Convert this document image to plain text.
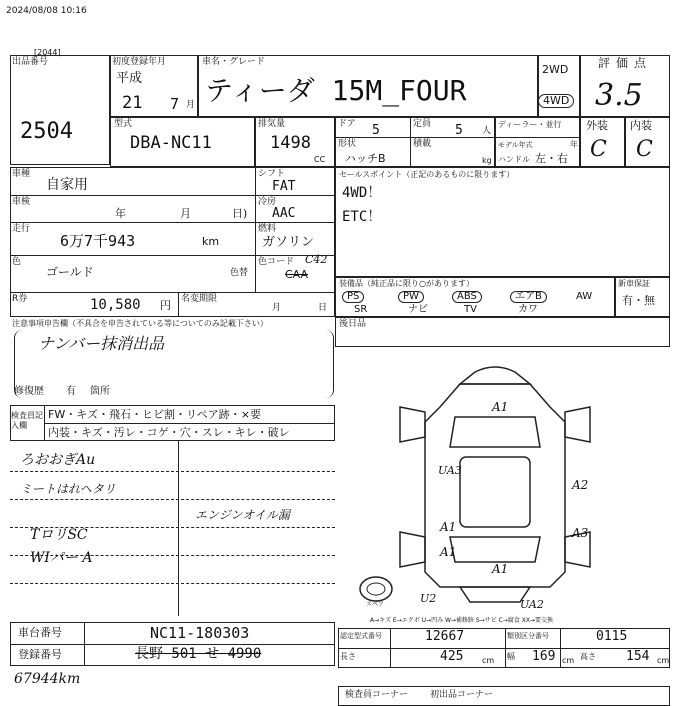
2024/08/08 10:16
出品番号
[2044]
2504
初度登録年月
平成
21 7 月
車名・グレード
ティーダ 15M_FOUR
2WD
4WD
評価点
3.5
型式
DBA-NC11
排気量
1498
CC
ドア 5	定員 5 人
形状
ハッチB
積載
kg
ディーラー・並行
モデル年式	年
ハンドル 左・右
外装
C
内装
C
車種
自家用
車検
年	月	日)
走行
6万7千943	km
色
ゴールド	色替
R券	10,580 円 名変期限
月	日
シフト
FAT
冷房
AAC
燃料
ガソリン
色コード C42
CAA
セールスポイント（正記のあるものに限ります）
4WD！
ETC！
装備品（純正品に限り○があります）
PS	PW	ABS	エアB	AW
SR	ナビ	TV	カワ
新車保証
有・無
後日品
注意事項申告欄（不具合を申告されている等についてのみ記載下さい）
ナンバー抹消出品
修復歴 有 箇所
検査員記入欄
FW・キズ・飛石・ヒビ割・リペア跡・×要
内装・キズ・汚レ・コゲ・穴・スレ・キレ・破レ
ろおおぎAu
ミートはれヘタリ
エンジンオイル漏
TロリSC
WIパー A
スペア
A1
UA3
A2
A3
A1
A1
A1
U2	UA2
A→キズ E→エクボ U→凹み W→補修跡 S→サビ C→腐食 XX→要交換
車台番号	NC11-180303
登録番号	長野 501 せ 4990
認定型式番号	12667	類別区分番号	0115
長さ	425 cm 幅 169 cm 高さ 154 cm
67944km
検査員コーナー 初出品コーナー
